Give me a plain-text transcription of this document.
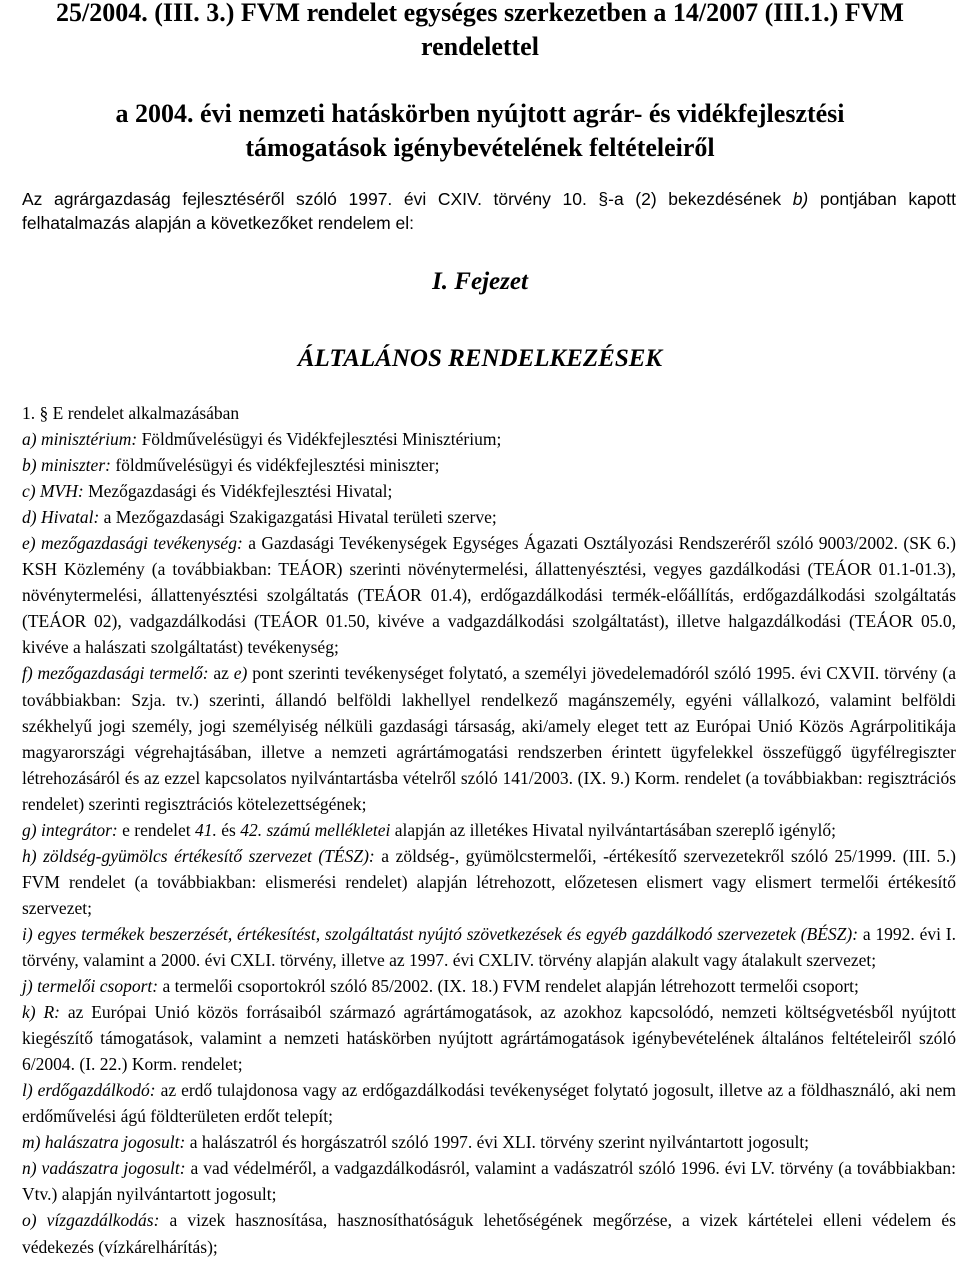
25/2004. (III. 3.) FVM rendelet egységes szerkezetben a 14/2007 (III.1.) FVM

rendelettel

a 2004. évi nemzeti hatáskörben nyújtott agrár- és vidékfejlesztési

támogatások igénybevételének feltételeiről

Az agrárgazdaság fejlesztéséről szóló 1997. évi CXIV. törvény 10. §-a (2) bekezdésének b) pontjában kapott felhatalmazás alapján a következőket rendelem el:
I. Fejezet
ÁLTALÁNOS RENDELKEZÉSEK

1. § E rendelet alkalmazásában

a) minisztérium: Földművelésügyi és Vidékfejlesztési Minisztérium;

b) miniszter: földművelésügyi és vidékfejlesztési miniszter;

c) MVH: Mezőgazdasági és Vidékfejlesztési Hivatal;

d) Hivatal: a Mezőgazdasági Szakigazgatási Hivatal területi szerve;

e) mezőgazdasági tevékenység: a Gazdasági Tevékenységek Egységes Ágazati Osztályozási Rendszeréről szóló 9003/2002. (SK 6.) KSH Közlemény (a továbbiakban: TEÁOR) szerinti növénytermelési, állattenyésztési, vegyes gazdálkodási (TEÁOR 01.1-01.3), növénytermelési, állattenyésztési szolgáltatás (TEÁOR 01.4), erdőgazdálkodási termék-előállítás, erdőgazdálkodási szolgáltatás (TEÁOR 02), vadgazdálkodási (TEÁOR 01.50, kivéve a vadgazdálkodási szolgáltatást), illetve halgazdálkodási (TEÁOR 05.0, kivéve a halászati szolgáltatást) tevékenység;

f) mezőgazdasági termelő: az e) pont szerinti tevékenységet folytató, a személyi jövedelemadóról szóló 1995. évi CXVII. törvény (a továbbiakban: Szja. tv.) szerinti, állandó belföldi lakhellyel rendelkező magánszemély, egyéni vállalkozó, valamint belföldi székhelyű jogi személy, jogi személyiség nélküli gazdasági társaság, aki/amely eleget tett az Európai Unió Közös Agrárpolitikája magyarországi végrehajtásában, illetve a nemzeti agrártámogatási rendszerben érintett ügyfelekkel összefüggő ügyfélregiszter létrehozásáról és az ezzel kapcsolatos nyilvántartásba vételről szóló 141/2003. (IX. 9.) Korm. rendelet (a továbbiakban: regisztrációs rendelet) szerinti regisztrációs kötelezettségének;

g) integrátor: e rendelet 41. és 42. számú mellékletei alapján az illetékes Hivatal nyilvántartásában szereplő igénylő;

h) zöldség-gyümölcs értékesítő szervezet (TÉSZ): a zöldség-, gyümölcstermelői, -értékesítő szervezetekről szóló 25/1999. (III. 5.) FVM rendelet (a továbbiakban: elismerési rendelet) alapján létrehozott, előzetesen elismert vagy elismert termelői értékesítő szervezet;

i) egyes termékek beszerzését, értékesítést, szolgáltatást nyújtó szövetkezések és egyéb gazdálkodó szervezetek (BÉSZ): a 1992. évi I. törvény, valamint a 2000. évi CXLI. törvény, illetve az 1997. évi CXLIV. törvény alapján alakult vagy átalakult szervezet;

j) termelői csoport: a termelői csoportokról szóló 85/2002. (IX. 18.) FVM rendelet alapján létrehozott termelői csoport;

k) R: az Európai Unió közös forrásaiból származó agrártámogatások, az azokhoz kapcsolódó, nemzeti költségvetésből nyújtott kiegészítő támogatások, valamint a nemzeti hatáskörben nyújtott agrártámogatások igénybevételének általános feltételeiről szóló 6/2004. (I. 22.) Korm. rendelet;

l) erdőgazdálkodó: az erdő tulajdonosa vagy az erdőgazdálkodási tevékenységet folytató jogosult, illetve az a földhasználó, aki nem erdőművelési ágú földterületen erdőt telepít;

m) halászatra jogosult: a halászatról és horgászatról szóló 1997. évi XLI. törvény szerint nyilvántartott jogosult;

n) vadászatra jogosult: a vad védelméről, a vadgazdálkodásról, valamint a vadászatról szóló 1996. évi LV. törvény (a továbbiakban: Vtv.) alapján nyilvántartott jogosult;

o) vízgazdálkodás: a vizek hasznosítása, hasznosíthatóságuk lehetőségének megőrzése, a vizek kártételei elleni védelem és védekezés (vízkárelhárítás);
